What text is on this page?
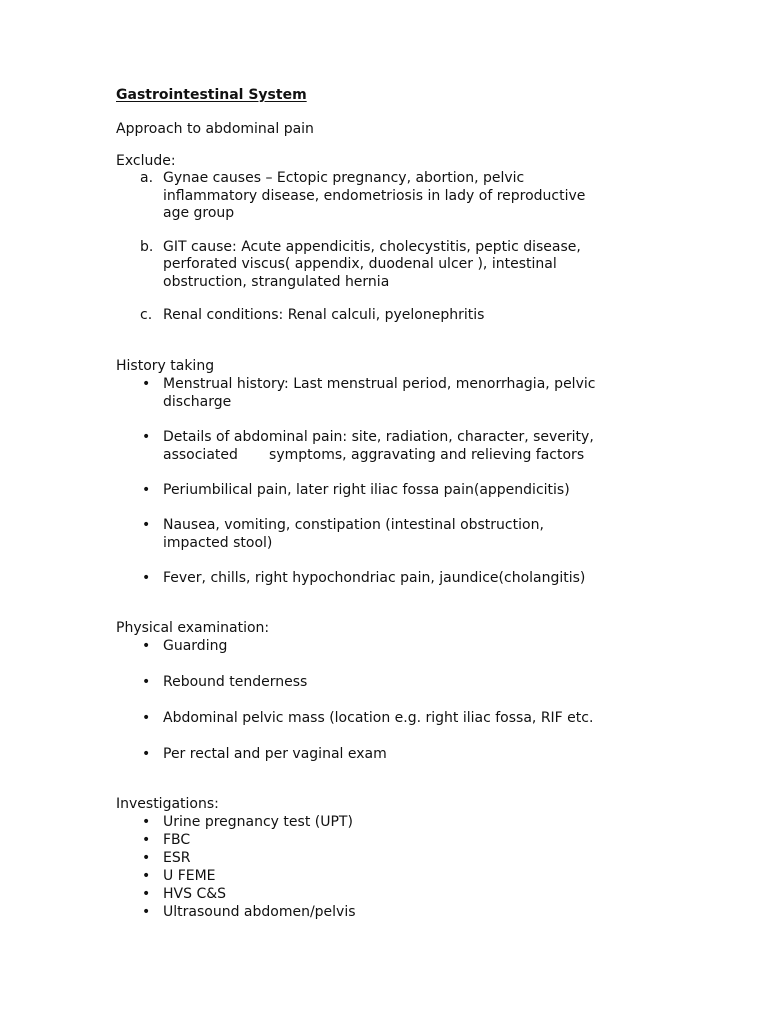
Gastrointestinal System

Approach to abdominal pain

Exclude:

a. Gynae causes – Ectopic pregnancy, abortion, pelvic
inflammatory disease, endometriosis in lady of reproductive
age group
b. GIT cause: Acute appendicitis, cholecystitis, peptic disease,
perforated viscus( appendix, duodenal ulcer ), intestinal
obstruction, strangulated hernia
c. Renal conditions: Renal calculi, pyelonephritis

History taking

• Menstrual history: Last menstrual period, menorrhagia, pelvic
discharge
• Details of abdominal pain: site, radiation, character, severity,
associated       symptoms, aggravating and relieving factors
• Periumbilical pain, later right iliac fossa pain(appendicitis)
• Nausea, vomiting, constipation (intestinal obstruction,
impacted stool)
• Fever, chills, right hypochondriac pain, jaundice(cholangitis)

Physical examination:

• Guarding
• Rebound tenderness
• Abdominal pelvic mass (location e.g. right iliac fossa, RIF etc.
• Per rectal and per vaginal exam

Investigations:

• Urine pregnancy test (UPT)
• FBC
• ESR
• U FEME
• HVS C&S
• Ultrasound abdomen/pelvis
